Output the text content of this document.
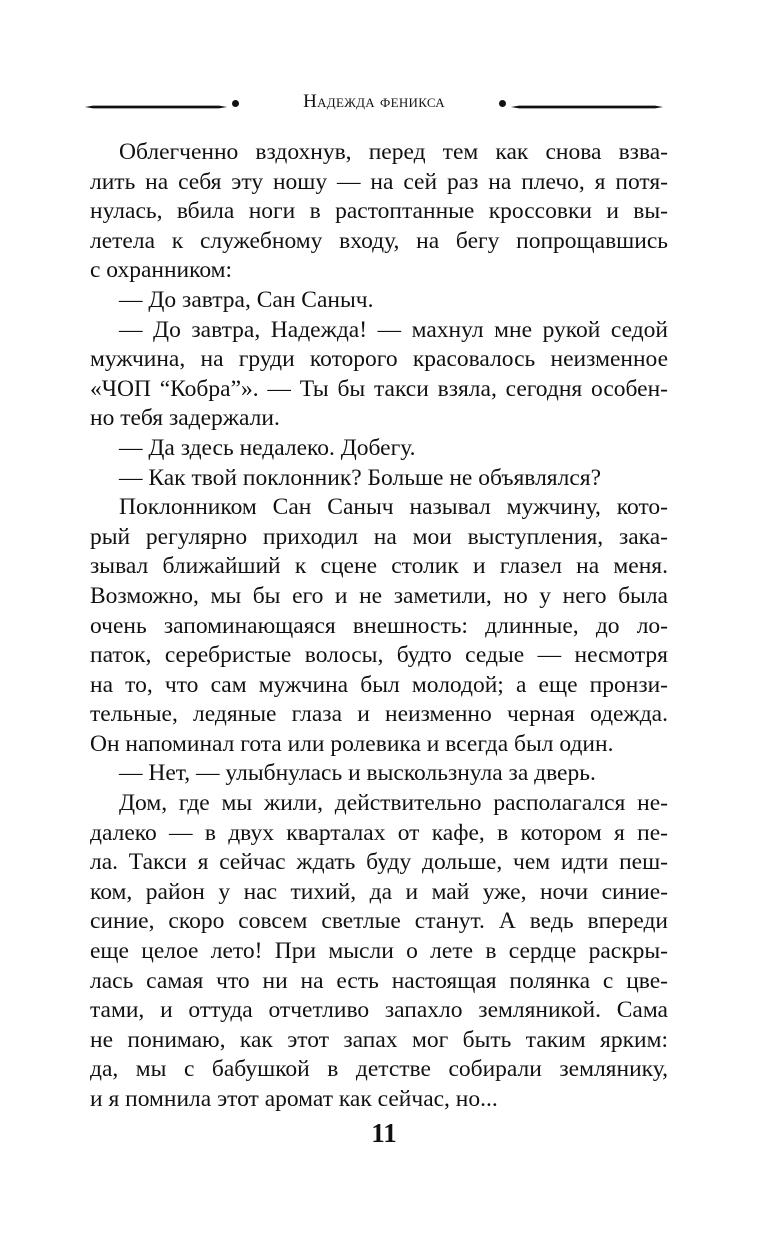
Надежда феникса
Облегченно вздохнув, перед тем как снова взва-
лить на себя эту ношу — на сей раз на плечо, я потя-
нулась, вбила ноги в растоптанные кроссовки и вы-
летела к служебному входу, на бегу попрощавшись
с охранником:
— До завтра, Сан Саныч.
— До завтра, Надежда! — махнул мне рукой седой
мужчина, на груди которого красовалось неизменное
«ЧОП “Кобра”». — Ты бы такси взяла, сегодня особен-
но тебя задержали.
— Да здесь недалеко. Добегу.
— Как твой поклонник? Больше не объявлялся?
Поклонником Сан Саныч называл мужчину, кото-
рый регулярно приходил на мои выступления, зака-
зывал ближайший к сцене столик и глазел на меня.
Возможно, мы бы его и не заметили, но у него была
очень запоминающаяся внешность: длинные, до ло-
паток, серебристые волосы, будто седые — несмотря
на то, что сам мужчина был молодой; а еще пронзи-
тельные, ледяные глаза и неизменно черная одежда.
Он напоминал гота или ролевика и всегда был один.
— Нет, — улыбнулась и выскользнула за дверь.
Дом, где мы жили, действительно располагался не-
далеко — в двух кварталах от кафе, в котором я пе-
ла. Такси я сейчас ждать буду дольше, чем идти пеш-
ком, район у нас тихий, да и май уже, ночи синие-
синие, скоро совсем светлые станут. А ведь впереди
еще целое лето! При мысли о лете в сердце раскры-
лась самая что ни на есть настоящая полянка с цве-
тами, и оттуда отчетливо запахло земляникой. Сама
не понимаю, как этот запах мог быть таким ярким:
да, мы с бабушкой в детстве собирали землянику,
и я помнила этот аромат как сейчас, но...
11
